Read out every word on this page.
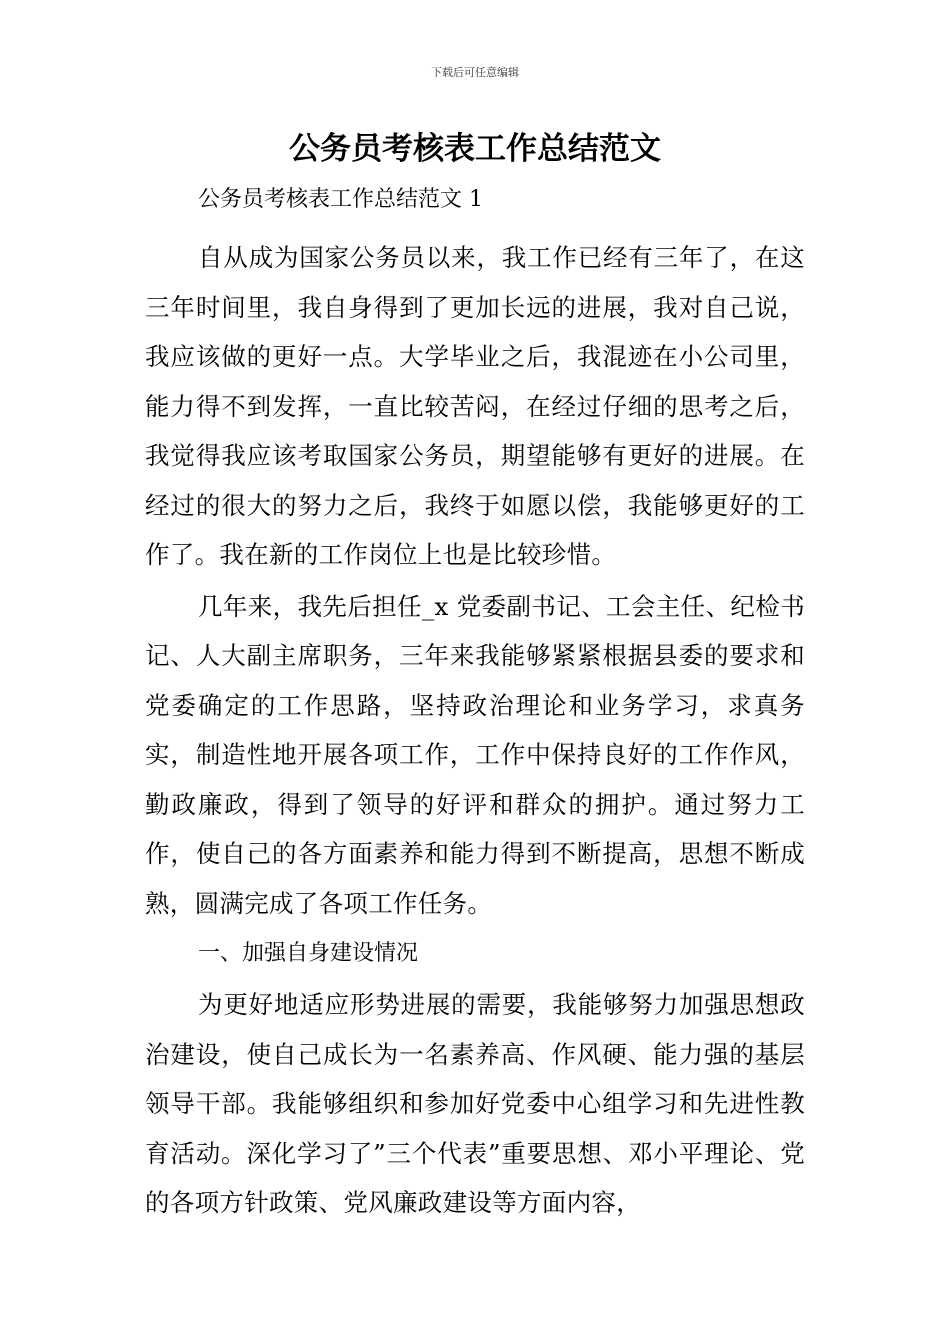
下载后可任意编辑
公务员考核表工作总结范文

公务员考核表工作总结范文 1

自从成为国家公务员以来，我工作已经有三年了，在这三年时间里，我自身得到了更加长远的进展，我对自己说，我应该做的更好一点。大学毕业之后，我混迹在小公司里，能力得不到发挥，一直比较苦闷，在经过仔细的思考之后，我觉得我应该考取国家公务员，期望能够有更好的进展。在经过的很大的努力之后，我终于如愿以偿，我能够更好的工作了。我在新的工作岗位上也是比较珍惜。

几年来，我先后担任_x 党委副书记、工会主任、纪检书记、人大副主席职务，三年来我能够紧紧根据县委的要求和党委确定的工作思路，坚持政治理论和业务学习，求真务实，制造性地开展各项工作，工作中保持良好的工作作风，勤政廉政，得到了领导的好评和群众的拥护。通过努力工作，使自己的各方面素养和能力得到不断提高，思想不断成熟，圆满完成了各项工作任务。

一、加强自身建设情况

为更好地适应形势进展的需要，我能够努力加强思想政治建设，使自己成长为一名素养高、作风硬、能力强的基层领导干部。我能够组织和参加好党委中心组学习和先进性教育活动。深化学习了”三个代表”重要思想、邓小平理论、党的各项方针政策、党风廉政建设等方面内容，
